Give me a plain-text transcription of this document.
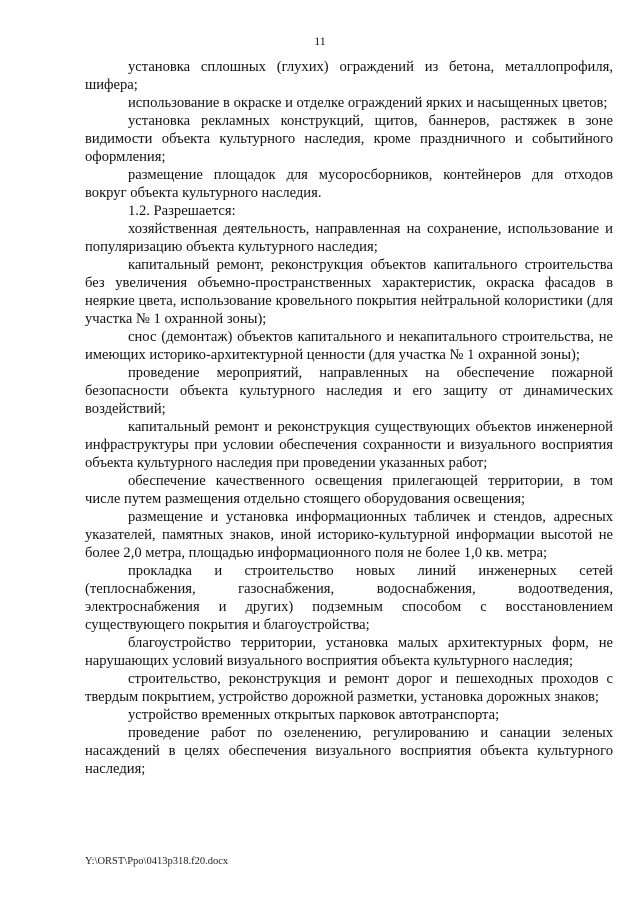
11

установка сплошных (глухих) ограждений из бетона, металлопрофиля, шифера;

использование в окраске и отделке ограждений ярких и насыщенных цветов;

установка рекламных конструкций, щитов, баннеров, растяжек в зоне видимости объекта культурного наследия, кроме праздничного и событийного оформления;

размещение площадок для мусоросборников, контейнеров для отходов вокруг объекта культурного наследия.

1.2. Разрешается:

хозяйственная деятельность, направленная на сохранение, использование и популяризацию объекта культурного наследия;

капитальный ремонт, реконструкция объектов капитального строительства без увеличения объемно-пространственных характеристик, окраска фасадов в неяркие цвета, использование кровельного покрытия нейтральной колористики (для участка № 1 охранной зоны);

снос (демонтаж) объектов капитального и некапитального строительства, не имеющих историко-архитектурной ценности (для участка № 1 охранной зоны);

проведение мероприятий, направленных на обеспечение пожарной безопасности объекта культурного наследия и его защиту от динамических воздействий;

капитальный ремонт и реконструкция существующих объектов инженерной инфраструктуры при условии обеспечения сохранности и визуального восприятия объекта культурного наследия при проведении указанных работ;

обеспечение качественного освещения прилегающей территории, в том числе путем размещения отдельно стоящего оборудования освещения;

размещение и установка информационных табличек и стендов, адресных указателей, памятных знаков, иной историко-культурной информации высотой не более 2,0 метра, площадью информационного поля не более 1,0 кв. метра;

прокладка и строительство новых линий инженерных сетей (теплоснабжения, газоснабжения, водоснабжения, водоотведения, электроснабжения и других) подземным способом с восстановлением существующего покрытия и благоустройства;

благоустройство территории, установка малых архитектурных форм, не нарушающих условий визуального восприятия объекта культурного наследия;

строительство, реконструкция и ремонт дорог и пешеходных проходов с твердым покрытием, устройство дорожной разметки, установка дорожных знаков;

устройство временных открытых парковок автотранспорта;

проведение работ по озеленению, регулированию и санации зеленых насаждений в целях обеспечения визуального восприятия объекта культурного наследия;

Y:\ORST\Ppo\0413p318.f20.docx
